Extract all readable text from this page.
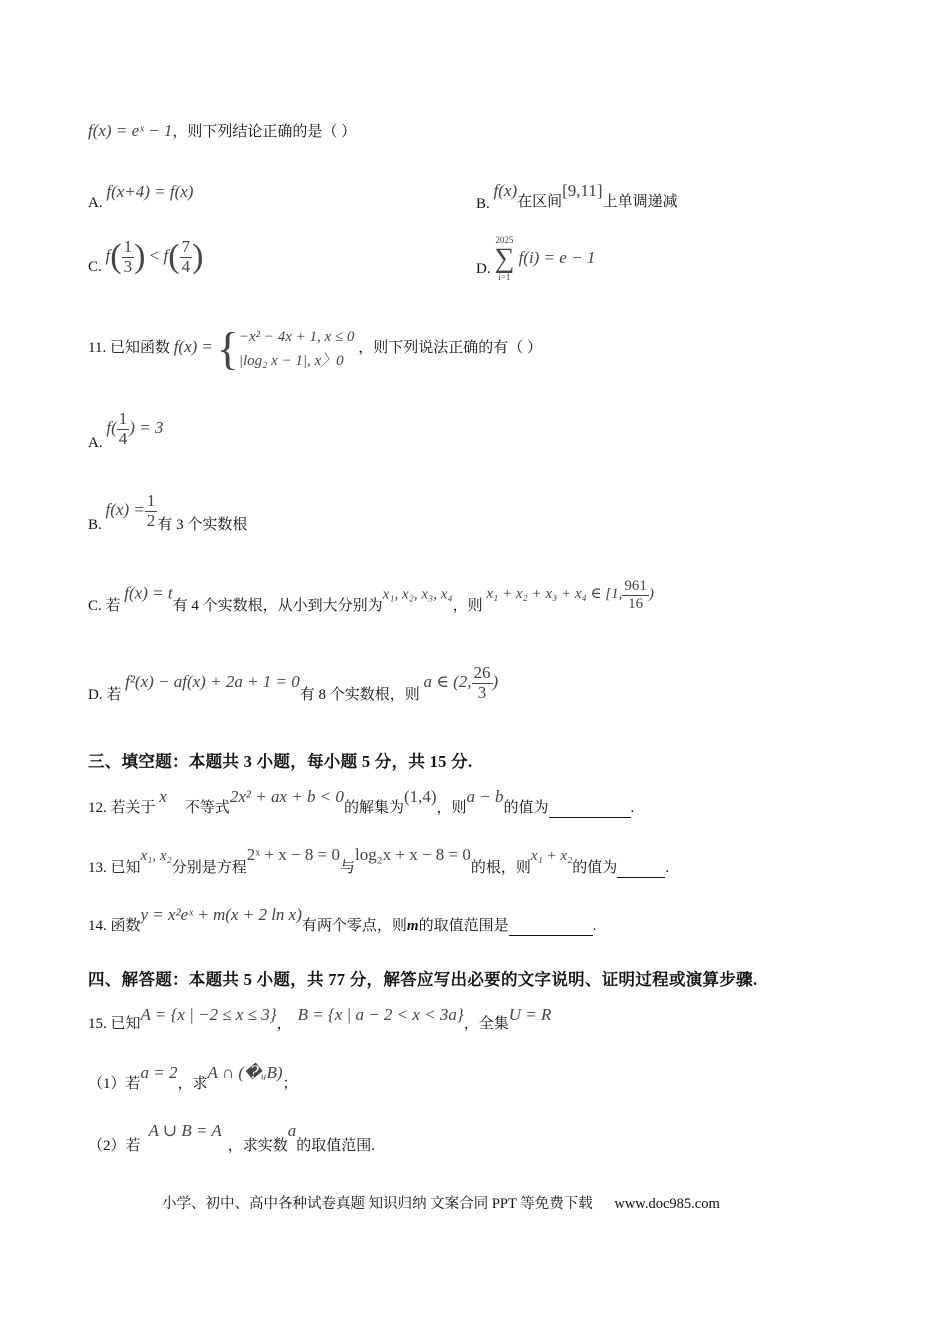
f(x) = eˣ − 1，则下列结论正确的是（ ）
A. f(x+4) = f(x)
B. f(x)在区间[9,11]上单调递减
C. $f( \frac{1}{3}$ ) < $f( \frac{7}{4}$ )	D.
2025
∑
i=1
f(i) = e − 1
11. 已知函数 f(x) = { −x² − 4x + 1, x ≤ 0
|log₂ x − 1|, x〉0
，则下列说法正确的有（ ）
A. $f( \frac{1}{4}$ ) = 3
B. $f(x) = \frac{1}{2}$ 有 3 个实数根
C. 若 f(x) = t有 4 个实数根，从小到大分别为x₁, x₂, x₃, x₄，则 x₁ + x₂ + x₃ + x₄ ∈ [1, $\frac{961}{16}$ )
D. 若 f²(x) − af(x) + 2a + 1 = 0有 8 个实数根，则 a ∈ (2, $\frac{26}{3}$ )
三、填空题：本题共 3 小题，每小题 5 分，共 15 分.
12. 若关于 x不等式2x² + ax + b < 0的解集为(1,4)，则a − b的值为	.
13. 已知x₁, x₂分别是方程2ˣ + x − 8 = 0与log₂x + x − 8 = 0的根，则x₁ + x₂的值为	.
14. 函数y = x²eˣ + m(x + 2 ln x)有两个零点，则m的取值范围是	.
四、解答题：本题共 5 小题，共 77 分，解答应写出必要的文字说明、证明过程或演算步骤.
15. 已知A = {x | −2 ≤ x ≤ 3}， B = {x | a − 2 < x < 3a}，全集U = R
（1）若a = 2，求A ∩ (�ᵤB)；
（2）若A ∪ B = A，求实数a的取值范围.
小学、初中、高中各种试卷真题 知识归纳 文案合同 PPT 等免费下载 www.doc985.com
